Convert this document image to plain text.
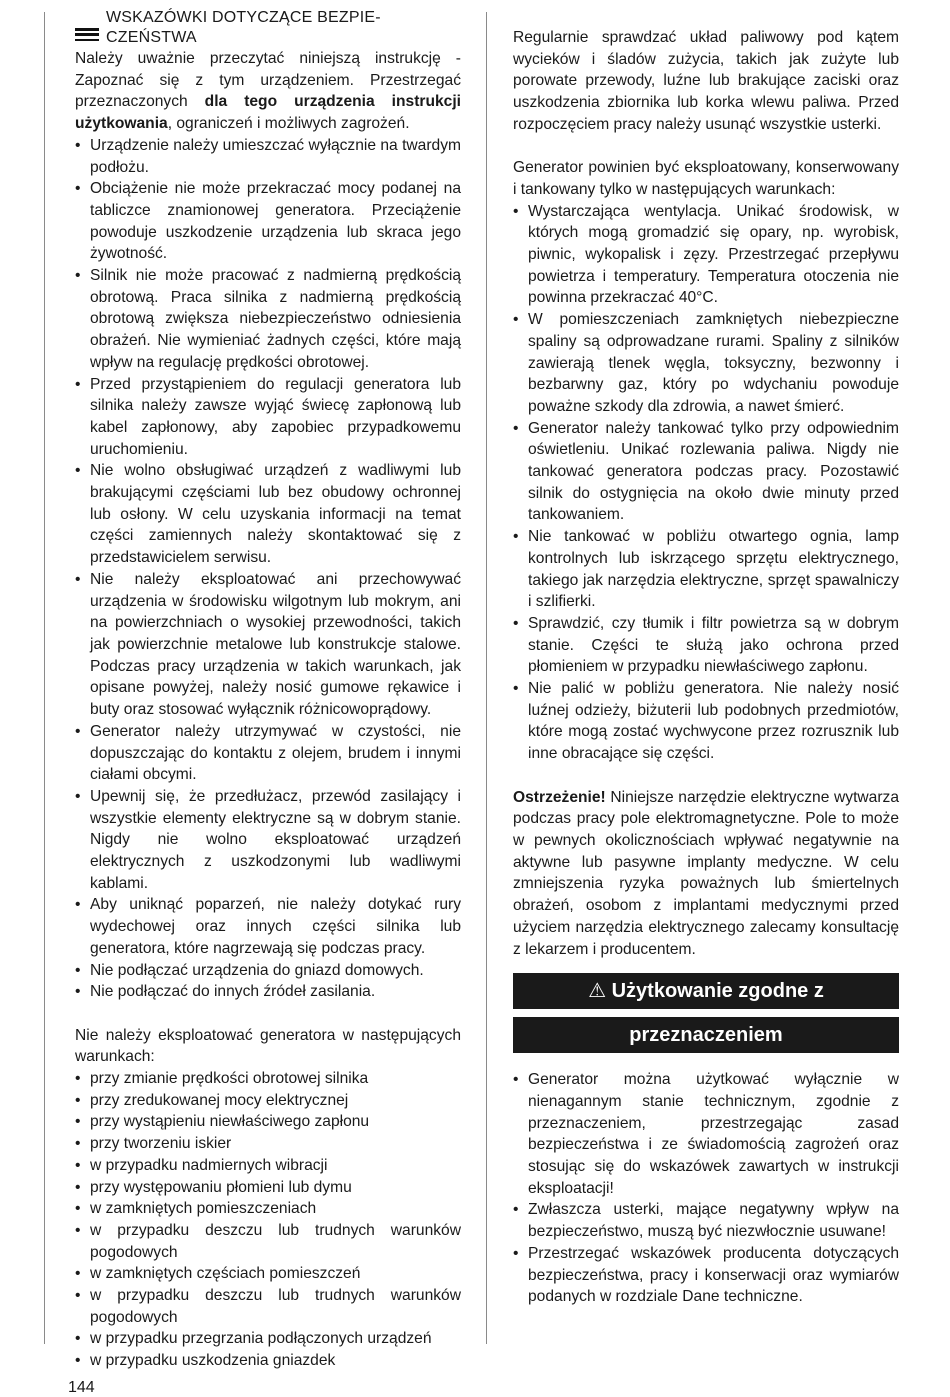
WSKAZÓWKI DOTYCZĄCE BEZPIE-
CZEŃSTWA

Należy uważnie przeczytać niniejszą instrukcję - Zapoznać się z tym urządzeniem. Przestrzegać przeznaczonych dla tego urządzenia instrukcji użytkowania, ograniczeń i możliwych zagrożeń.

• Urządzenie należy umieszczać wyłącznie na twardym podłożu.
• Obciążenie nie może przekraczać mocy podanej na tabliczce znamionowej generatora. Przeciążenie powoduje uszkodzenie urządzenia lub skraca jego żywotność.
• Silnik nie może pracować z nadmierną prędkością obrotową. Praca silnika z nadmierną prędkością obrotową zwiększa niebezpieczeństwo odniesienia obrażeń. Nie wymieniać żadnych części, które mają wpływ na regulację prędkości obrotowej.
• Przed przystąpieniem do regulacji generatora lub silnika należy zawsze wyjąć świecę zapłonową lub kabel zapłonowy, aby zapobiec przypadkowemu uruchomieniu.
• Nie wolno obsługiwać urządzeń z wadliwymi lub brakującymi częściami lub bez obudowy ochronnej lub osłony. W celu uzyskania informacji na temat części zamiennych należy skontaktować się z przedstawicielem serwisu.
• Nie należy eksploatować ani przechowywać urządzenia w środowisku wilgotnym lub mokrym, ani na powierzchniach o wysokiej przewodności, takich jak powierzchnie metalowe lub konstrukcje stalowe. Podczas pracy urządzenia w takich warunkach, jak opisane powyżej, należy nosić gumowe rękawice i buty oraz stosować wyłącznik różnicowoprądowy.
• Generator należy utrzymywać w czystości, nie dopuszczając do kontaktu z olejem, brudem i innymi ciałami obcymi.
• Upewnij się, że przedłużacz, przewód zasilający i wszystkie elementy elektryczne są w dobrym stanie. Nigdy nie wolno eksploatować urządzeń elektrycznych z uszkodzonymi lub wadliwymi kablami.
• Aby uniknąć poparzeń, nie należy dotykać rury wydechowej oraz innych części silnika lub generatora, które nagrzewają się podczas pracy.
• Nie podłączać urządzenia do gniazd domowych.
• Nie podłączać do innych źródeł zasilania.

Nie należy eksploatować generatora w następujących warunkach:

• przy zmianie prędkości obrotowej silnika
• przy zredukowanej mocy elektrycznej
• przy wystąpieniu niewłaściwego zapłonu
• przy tworzeniu iskier
• w przypadku nadmiernych wibracji
• przy występowaniu płomieni lub dymu
• w zamkniętych pomieszczeniach
• w przypadku deszczu lub trudnych warunków pogodowych
• w zamkniętych częściach pomieszczeń
• w przypadku deszczu lub trudnych warunków pogodowych
• w przypadku przegrzania podłączonych urządzeń
• w przypadku uszkodzenia gniazdek

Regularnie sprawdzać układ paliwowy pod kątem wycieków i śladów zużycia, takich jak zużyte lub porowate przewody, luźne lub brakujące zaciski oraz uszkodzenia zbiornika lub korka wlewu paliwa. Przed rozpoczęciem pracy należy usunąć wszystkie usterki.

Generator powinien być eksploatowany, konserwowany i tankowany tylko w następujących warunkach:

• Wystarczająca wentylacja. Unikać środowisk, w których mogą gromadzić się opary, np. wyrobisk, piwnic, wykopalisk i zęzy. Przestrzegać przepływu powietrza i temperatury. Temperatura otoczenia nie powinna przekraczać 40°C.
• W pomieszczeniach zamkniętych niebezpieczne spaliny są odprowadzane rurami. Spaliny z silników zawierają tlenek węgla, toksyczny, bezwonny i bezbarwny gaz, który po wdychaniu powoduje poważne szkody dla zdrowia, a nawet śmierć.
• Generator należy tankować tylko przy odpowiednim oświetleniu. Unikać rozlewania paliwa. Nigdy nie tankować generatora podczas pracy. Pozostawić silnik do ostygnięcia na około dwie minuty przed tankowaniem.
• Nie tankować w pobliżu otwartego ognia, lamp kontrolnych lub iskrzącego sprzętu elektrycznego, takiego jak narzędzia elektryczne, sprzęt spawalniczy i szlifierki.
• Sprawdzić, czy tłumik i filtr powietrza są w dobrym stanie. Części te służą jako ochrona przed płomieniem w przypadku niewłaściwego zapłonu.
• Nie palić w pobliżu generatora. Nie należy nosić luźnej odzieży, biżuterii lub podobnych przedmiotów, które mogą zostać wychwycone przez rozrusznik lub inne obracające się części.

Ostrzeżenie! Niniejsze narzędzie elektryczne wytwarza podczas pracy pole elektromagnetyczne. Pole to może w pewnych okolicznościach wpływać negatywnie na aktywne lub pasywne implanty medyczne. W celu zmniejszenia ryzyka poważnych lub śmiertelnych obrażeń, osobom z implantami medycznymi przed użyciem narzędzia elektrycznego zalecamy konsultację z lekarzem i producentem.

⚠ Użytkowanie zgodne z
przeznaczeniem
• Generator można użytkować wyłącznie w nienagannym stanie technicznym, zgodnie z przeznaczeniem, przestrzegając zasad bezpieczeństwa i ze świadomością zagrożeń oraz stosując się do wskazówek zawartych w instrukcji eksploatacji!
• Zwłaszcza usterki, mające negatywny wpływ na bezpieczeństwo, muszą być niezwłocznie usuwane!
• Przestrzegać wskazówek producenta dotyczących bezpieczeństwa, pracy i konserwacji oraz wymiarów podanych w rozdziale Dane techniczne.
144
